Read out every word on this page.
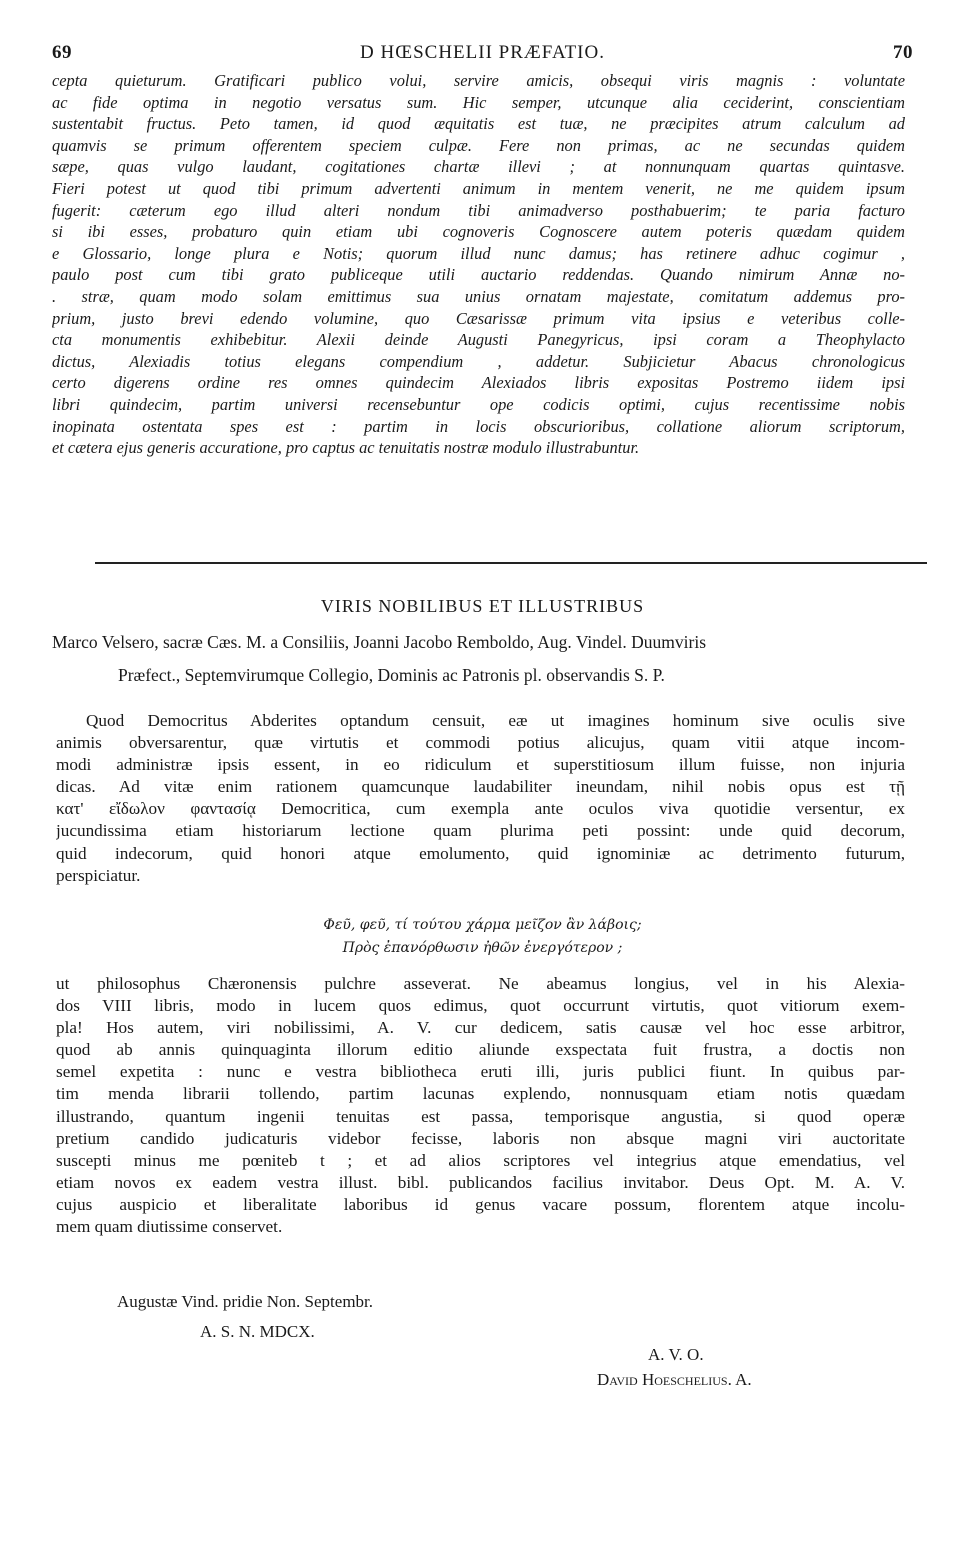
69	D HŒSCHELII PRÆFATIO.	70
cepta quieturum. Gratificari publico volui, servire amicis, obsequi viris magnis : voluntate
ac fide optima in negotio versatus sum. Hic semper, utcunque alia ceciderint, conscientiam
sustentabit fructus. Peto tamen, id quod æquitatis est tuæ, ne præcipites atrum calculum ad
quamvis se primum offerentem speciem culpæ. Fere non primas, ac ne secundas quidem
sæpe, quas vulgo laudant, cogitationes chartæ illevi ; at nonnunquam quartas quintasve.
Fieri potest ut quod tibi primum advertenti animum in mentem venerit, ne me quidem ipsum
fugerit: cæterum ego illud alteri nondum tibi animadverso posthabuerim; te paria facturo
si ibi esses, probaturo quin etiam ubi cognoveris Cognoscere autem poteris quædam quidem
e Glossario, longe plura e Notis; quorum illud nunc damus; has retinere adhuc cogimur ,
paulo post cum tibi grato publiceque utili auctario reddendas. Quando nimirum Annæ no-
. stræ, quam modo solam emittimus sua unius ornatam majestate, comitatum addemus pro-
prium, justo brevi edendo volumine, quo Cæsarissæ primum vita ipsius e veteribus colle-
cta monumentis exhibebitur. Alexii deinde Augusti Panegyricus, ipsi coram a Theophylacto
dictus, Alexiadis totius elegans compendium , addetur. Subjicietur Abacus chronologicus
certo digerens ordine res omnes quindecim Alexiados libris expositas Postremo iidem ipsi
libri quindecim, partim universi recensebuntur ope codicis optimi, cujus recentissime nobis
inopinata ostentata spes est : partim in locis obscurioribus, collatione aliorum scriptorum,
et cætera ejus generis accuratione, pro captus ac tenuitatis nostræ modulo illustrabuntur.
VIRIS NOBILIBUS ET ILLUSTRIBUS
Marco Velsero, sacræ Cæs. M. a Consiliis, Joanni Jacobo Remboldo, Aug. Vindel. Duumviris
Præfect., Septemvirumque Collegio, Dominis ac Patronis pl. observandis S. P.
Quod Democritus Abderites optandum censuit, eæ ut imagines hominum sive oculis sive
animis obversarentur, quæ virtutis et commodi potius alicujus, quam vitii atque incom-
modi administræ ipsis essent, in eo ridiculum et superstitiosum illum fuisse, non injuria
dicas. Ad vitæ enim rationem quamcunque laudabiliter ineundam, nihil nobis opus est τῇ
κατ' εἴδωλον φαντασίᾳ Democritica, cum exempla ante oculos viva quotidie versentur, ex
jucundissima etiam historiarum lectione quam plurima peti possint: unde quid decorum,
quid indecorum, quid honori atque emolumento, quid ignominiæ ac detrimento futurum,
perspiciatur.
Φεῦ, φεῦ, τί τούτου χάρμα μεῖζον ἂν λάβοις;
Πρὸς ἐπανόρθωσιν ἠθῶν ἐνεργότερον ;
ut philosophus Chæronensis pulchre asseverat. Ne abeamus longius, vel in his Alexia-
dos VIII libris, modo in lucem quos edimus, quot occurrunt virtutis, quot vitiorum exem-
pla! Hos autem, viri nobilissimi, A. V. cur dedicem, satis causæ vel hoc esse arbitror,
quod ab annis quinquaginta illorum editio aliunde exspectata fuit frustra, a doctis non
semel expetita : nunc e vestra bibliotheca eruti illi, juris publici fiunt. In quibus par-
tim menda librarii tollendo, partim lacunas explendo, nonnusquam etiam notis quædam
illustrando, quantum ingenii tenuitas est passa, temporisque angustia, si quod operæ
pretium candido judicaturis videbor fecisse, laboris non absque magni viri auctoritate
suscepti minus me pœniteb t ; et ad alios scriptores vel integrius atque emendatius, vel
etiam novos ex eadem vestra illust. bibl. publicandos facilius invitabor. Deus Opt. M. A. V.
cujus auspicio et liberalitate laboribus id genus vacare possum, florentem atque incolu-
mem quam diutissime conservet.
Augustæ Vind. pridie Non. Septembr.
A. S. N. MDCX.
A. V. O.
David Hoeschelius. A.
